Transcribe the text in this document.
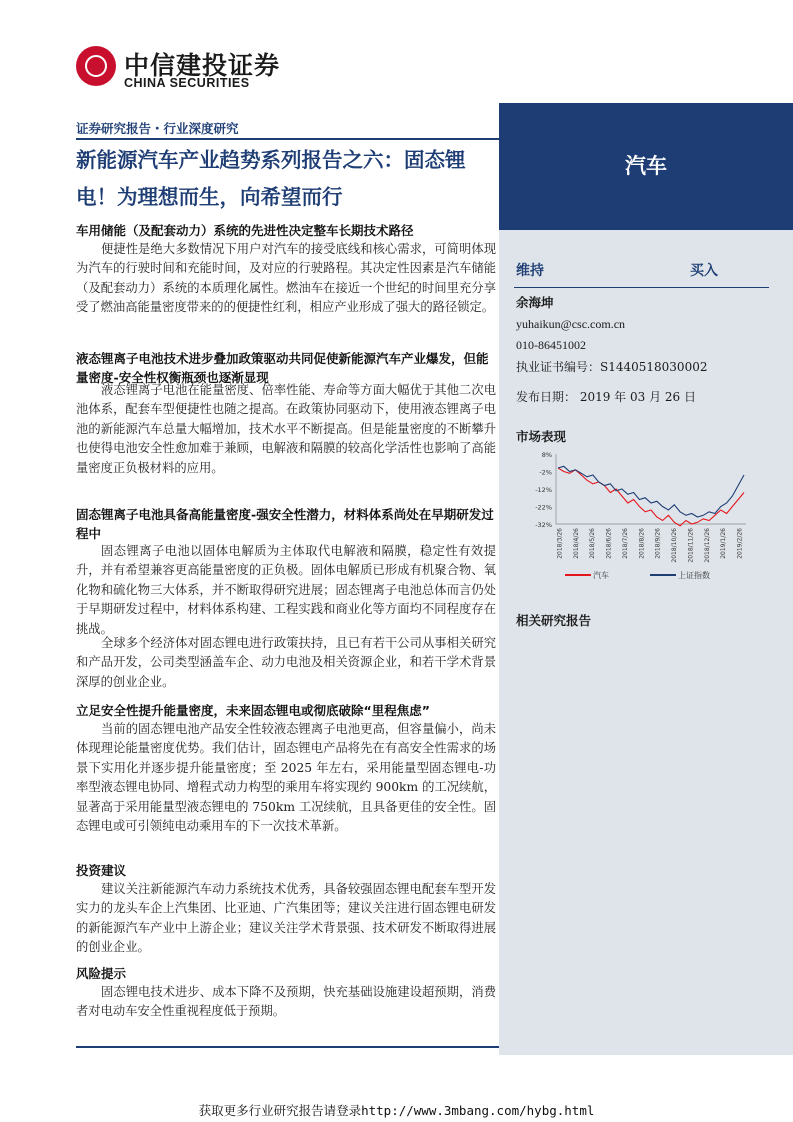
中信建投证券
CHINA SECURITIES
证券研究报告・行业深度研究
新能源汽车产业趋势系列报告之六：固态锂电！为理想而生，向希望而行
汽车
维持	买入
余海坤
yuhaikun@csc.com.cn
010-86451002
执业证书编号：S1440518030002
发布日期： 2019 年 03 月 26 日
市场表现
8%
-2%
-12%
-22%
-32%
2018/3/26 2018/4/26 2018/5/26 2018/6/26 2018/7/26 2018/8/26 2018/9/26 2018/10/26 2018/11/26 2018/12/26 2019/1/26 2019/2/26
汽车	上证指数
相关研究报告
车用储能（及配套动力）系统的先进性决定整车长期技术路径

便捷性是绝大多数情况下用户对汽车的接受底线和核心需求，可简明体现为汽车的行驶时间和充能时间，及对应的行驶路程。其决定性因素是汽车储能（及配套动力）系统的本质理化属性。燃油车在接近一个世纪的时间里充分享受了燃油高能量密度带来的的便捷性红利，相应产业形成了强大的路径锁定。

液态锂离子电池技术进步叠加政策驱动共同促使新能源汽车产业爆发，但能量密度-安全性权衡瓶颈也逐渐显现

液态锂离子电池在能量密度、倍率性能、寿命等方面大幅优于其他二次电池体系，配套车型便捷性也随之提高。在政策协同驱动下，使用液态锂离子电池的新能源汽车总量大幅增加，技术水平不断提高。但是能量密度的不断攀升也使得电池安全性愈加难于兼顾，电解液和隔膜的较高化学活性也影响了高能量密度正负极材料的应用。

固态锂离子电池具备高能量密度-强安全性潜力，材料体系尚处在早期研发过程中

固态锂离子电池以固体电解质为主体取代电解液和隔膜，稳定性有效提升，并有希望兼容更高能量密度的正负极。固体电解质已形成有机聚合物、氧化物和硫化物三大体系，并不断取得研究进展；固态锂离子电池总体而言仍处于早期研发过程中，材料体系构建、工程实践和商业化等方面均不同程度存在挑战。

全球多个经济体对固态锂电进行政策扶持，且已有若干公司从事相关研究和产品开发，公司类型涵盖车企、动力电池及相关资源企业，和若干学术背景深厚的创业企业。

立足安全性提升能量密度，未来固态锂电或彻底破除“里程焦虑”

当前的固态锂电池产品安全性较液态锂离子电池更高，但容量偏小，尚未体现理论能量密度优势。我们估计，固态锂电产品将先在有高安全性需求的场景下实用化并逐步提升能量密度；至 2025 年左右，采用能量型固态锂电-功率型液态锂电协同、增程式动力构型的乘用车将实现约 900km 的工况续航，显著高于采用能量型液态锂电的 750km 工况续航，且具备更佳的安全性。固态锂电或可引领纯电动乘用车的下一次技术革新。

投资建议

建议关注新能源汽车动力系统技术优秀，具备较强固态锂电配套车型开发实力的龙头车企上汽集团、比亚迪、广汽集团等；建议关注进行固态锂电研发的新能源汽车产业中上游企业；建议关注学术背景强、技术研发不断取得进展的创业企业。

风险提示

固态锂电技术进步、成本下降不及预期，快充基础设施建设超预期，消费者对电动车安全性重视程度低于预期。

获取更多行业研究报告请登录http://www.3mbang.com/hybg.html
